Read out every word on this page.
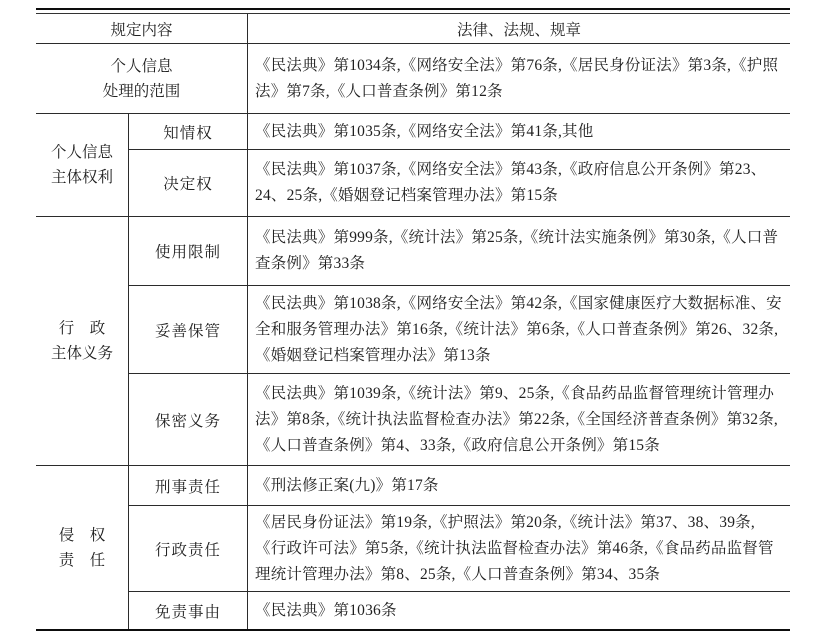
规定内容	法律、法规、规章
个人信息
处理的范围
《民法典》第1034条,《网络安全法》第76条,《居民身份证法》第3条,《护照法》第7条,《人口普查条例》第12条
个人信息
主体权利
知情权	《民法典》第1035条,《网络安全法》第41条,其他
决定权
《民法典》第1037条,《网络安全法》第43条,《政府信息公开条例》第23、24、25条,《婚姻登记档案管理办法》第15条
行　政
主体义务
使用限制
《民法典》第999条,《统计法》第25条,《统计法实施条例》第30条,《人口普查条例》第33条
妥善保管
《民法典》第1038条,《网络安全法》第42条,《国家健康医疗大数据标准、安全和服务管理办法》第16条,《统计法》第6条,《人口普查条例》第26、32条,《婚姻登记档案管理办法》第13条
保密义务
《民法典》第1039条,《统计法》第9、25条,《食品药品监督管理统计管理办法》第8条,《统计执法监督检查办法》第22条,《全国经济普查条例》第32条,《人口普查条例》第4、33条,《政府信息公开条例》第15条
侵　权
责　任
刑事责任 《刑法修正案(九)》第17条
行政责任
《居民身份证法》第19条,《护照法》第20条,《统计法》第37、38、39条,《行政许可法》第5条,《统计执法监督检查办法》第46条,《食品药品监督管理统计管理办法》第8、25条,《人口普查条例》第34、35条
免责事由 《民法典》第1036条
